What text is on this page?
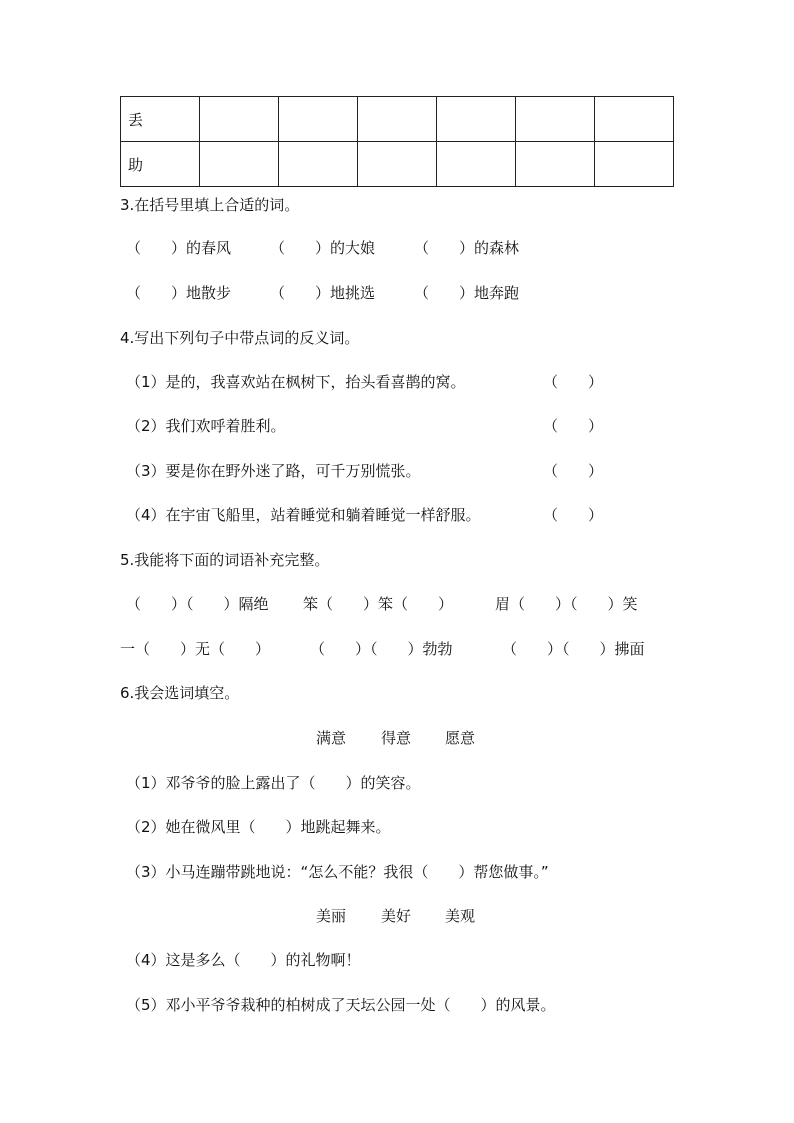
丢						
助						
3.在括号里填上合适的词。
（　　）的春风	（　　）的大娘	（　　）的森林
（　　）地散步	（　　）地挑选	（　　）地奔跑
4.写出下列句子中带点词的反义词。
（1）是的，我喜欢站在枫树下，抬头看喜鹊的窝。	（　　）
（2）我们欢呼着胜利。	（　　）
（3）要是你在野外迷了路，可千万别慌张。	（　　）
（4）在宇宙飞船里，站着睡觉和躺着睡觉一样舒服。	（　　）
5.我能将下面的词语补充完整。
（　　）（　　）隔绝 笨（　　）笨（　　）	眉（　　）（　　）笑
一（　　）无（　　）	（　　）（　　）勃勃	（　　）（　　）拂面
6.我会选词填空。
满意 得意 愿意
（1）邓爷爷的脸上露出了（　　）的笑容。
（2）她在微风里（　　）地跳起舞来。
（3）小马连蹦带跳地说：“怎么不能？我很（　　）帮您做事。”
美丽 美好 美观
（4）这是多么（　　）的礼物啊！
（5）邓小平爷爷栽种的柏树成了天坛公园一处（　　）的风景。
